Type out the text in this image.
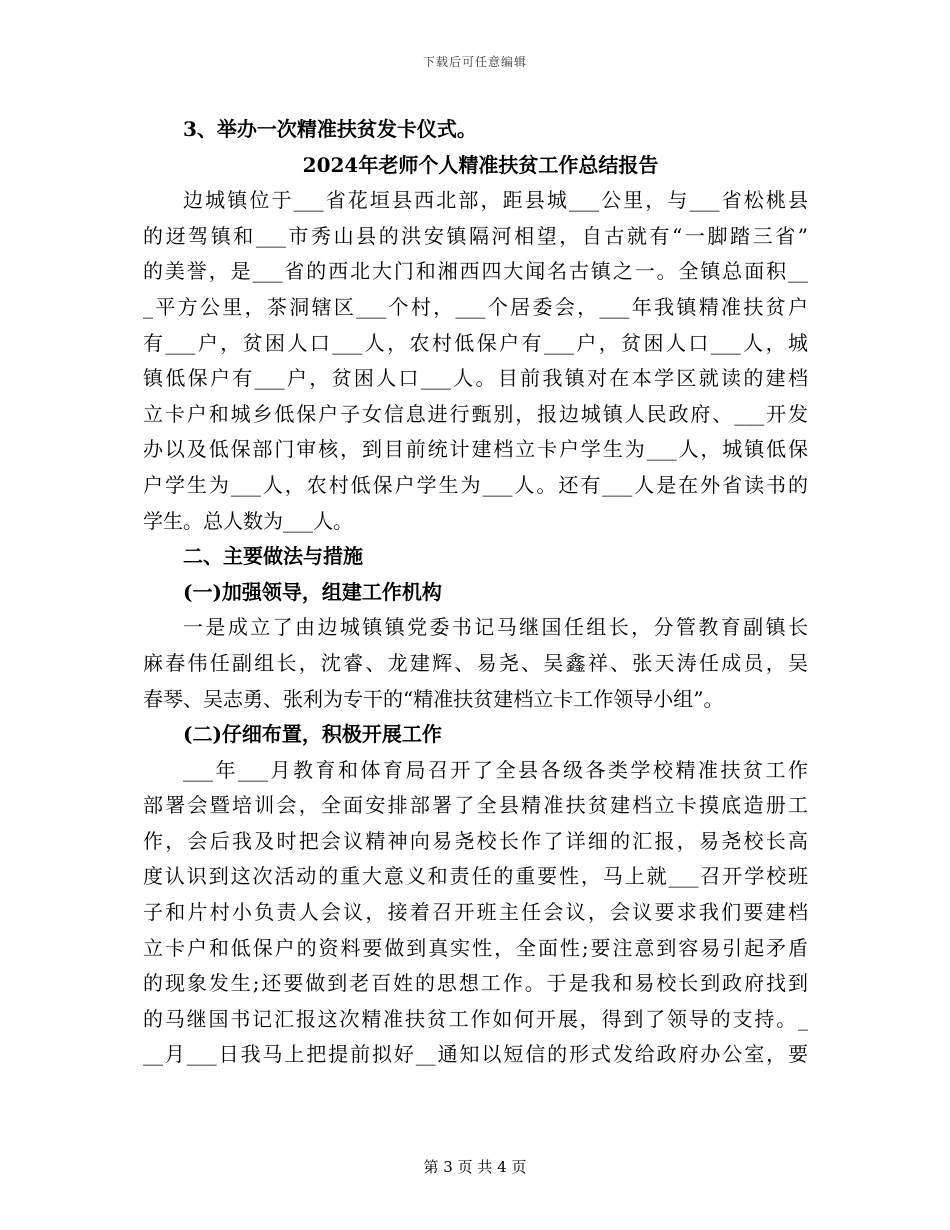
下载后可任意编辑
3、举办一次精准扶贫发卡仪式。
2024年老师个人精准扶贫工作总结报告
边城镇位于___省花垣县西北部，距县城___公里，与___省松桃县
的迓驾镇和___市秀山县的洪安镇隔河相望，自古就有“一脚踏三省”
的美誉，是___省的西北大门和湘西四大闻名古镇之一。全镇总面积__
_平方公里，茶洞辖区___个村，___个居委会，___年我镇精准扶贫户
有___户，贫困人口___人，农村低保户有___户，贫困人口___人，城
镇低保户有___户，贫困人口___人。目前我镇对在本学区就读的建档
立卡户和城乡低保户子女信息进行甄别，报边城镇人民政府、___开发
办以及低保部门审核，到目前统计建档立卡户学生为___人，城镇低保
户学生为___人，农村低保户学生为___人。还有___人是在外省读书的
学生。总人数为___人。
二、主要做法与措施
(一)加强领导，组建工作机构
一是成立了由边城镇镇党委书记马继国任组长，分管教育副镇长
麻春伟任副组长，沈睿、龙建辉、易尧、吴鑫祥、张天涛任成员，吴
春琴、吴志勇、张利为专干的“精准扶贫建档立卡工作领导小组”。
(二)仔细布置，积极开展工作
___年___月教育和体育局召开了全县各级各类学校精准扶贫工作
部署会暨培训会，全面安排部署了全县精准扶贫建档立卡摸底造册工
作，会后我及时把会议精神向易尧校长作了详细的汇报，易尧校长高
度认识到这次活动的重大意义和责任的重要性，马上就___召开学校班
子和片村小负责人会议，接着召开班主任会议，会议要求我们要建档
立卡户和低保户的资料要做到真实性，全面性;要注意到容易引起矛盾
的现象发生;还要做到老百姓的思想工作。于是我和易校长到政府找到
的马继国书记汇报这次精准扶贫工作如何开展，得到了领导的支持。_
__月___日我马上把提前拟好__通知以短信的形式发给政府办公室，要
第 3 页 共 4 页
